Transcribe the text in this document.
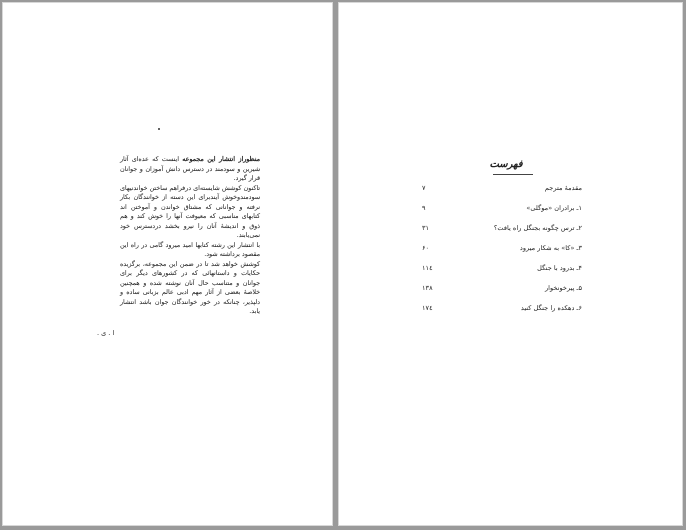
منظوراز انتشار این مجموعه اینست که عده‌ای آثار شیرین و سودمند در دسترس دانش آموزان و جوانان قرار گیرد.

تاکنون کوشش شایسته‌ای درفراهم ساختن خواندنیهای سودمندوخوش آیندبرای این دسته از خوانندگان بکار نرفته و جوانانی که مشتاق خواندن و آموختن اند کتابهای مناسبی که معیوفت آنها را خوش کند و هم ذوق و اندیشهٔ آنان را نیرو بخشد دردسترس خود نمی‌یابند.

با انتشار این رشته کتابها امید میرود گامی در راه این مقصود برداشته شود.

کوشش خواهد شد تا در ضمن این مجموعه، برگزیده حکایات و داستانهائی که در کشورهای دیگر برای جوانان و متناسب حال آنان نوشته شده و همچنین خلاصهٔ بعضی از آثار مهم ادبی عالم بزبانی ساده و دلپذیر، چنانکه در خور خوانندگان جوان باشد انتشار یابد.

ا . ی .
فهرست
مقدمهٔ مترجم
۷
۱ـ برادران «موگلی»
۹
۲ـ ترس چگونه بجنگل راه یافت؟
۳۱
۳ـ «کا» به شکار میرود
۶۰
۴ـ بدرود با جنگل
۱۱٤
۵ـ پیرخونخوار
۱۳۸
۶ـ دهکده را جنگل کنید
۱۷٤
